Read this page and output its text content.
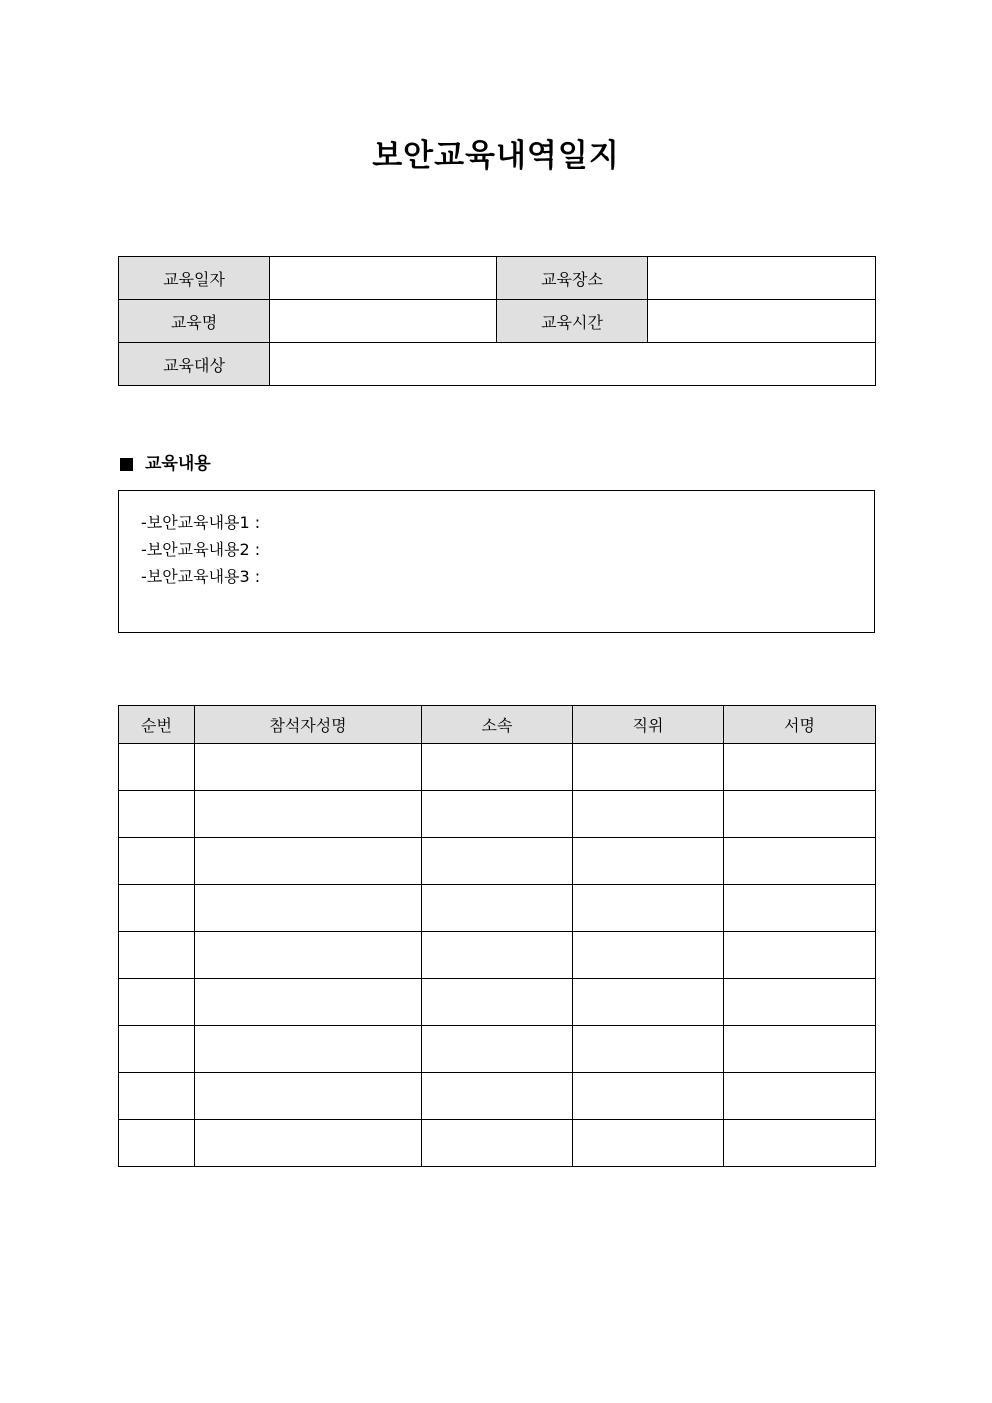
보안교육내역일지
교육일자		교육장소	
교육명		교육시간	
교육대상			
교육내용
-보안교육내용1 :
-보안교육내용2 :
-보안교육내용3 :
순번	참석자성명	소속	직위	서명
